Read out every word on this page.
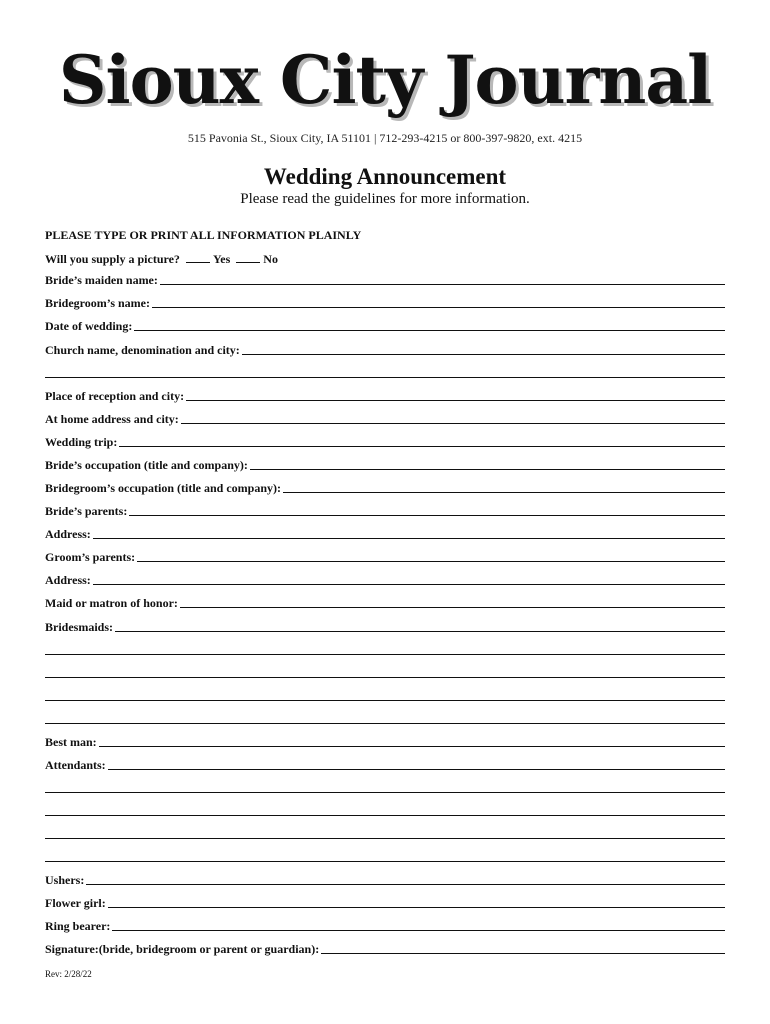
Sioux City Journal
515 Pavonia St., Sioux City, IA 51101 | 712-293-4215 or 800-397-9820, ext. 4215
Wedding Announcement
Please read the guidelines for more information.
PLEASE TYPE OR PRINT ALL INFORMATION PLAINLY
Will you supply a picture?	Yes	No
Bride’s maiden name:
Bridegroom’s name:
Date of wedding:
Church name, denomination and city:
Place of reception and city:
At home address and city:
Wedding trip:
Bride’s occupation (title and company):
Bridegroom’s occupation (title and company):
Bride’s parents:
Address:
Groom’s parents:
Address:
Maid or matron of honor:
Bridesmaids:
Best man:
Attendants:
Ushers:
Flower girl:
Ring bearer:
Signature:(bride, bridegroom or parent or guardian):
Rev: 2/28/22
